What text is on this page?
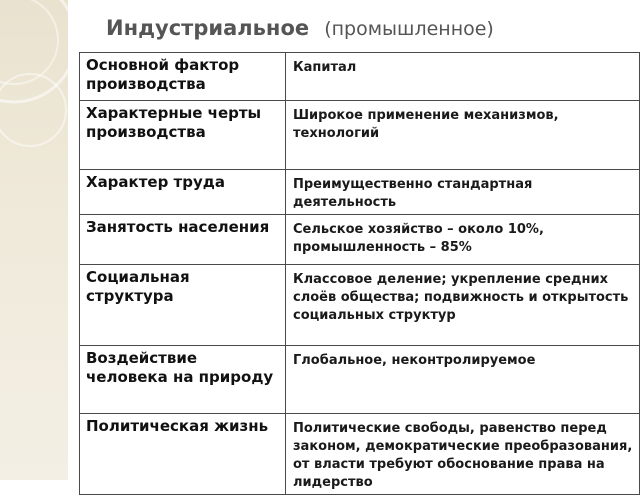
Индустриальное (промышленное)
Основной фактор производства	Капитал
Характерные черты производства	Широкое применение механизмов, технологий
Характер труда	Преимущественно стандартная деятельность
Занятость населения	Сельское хозяйство – около 10%, промышленность – 85%
Социальная структура	Классовое деление; укрепление средних слоёв общества; подвижность и открытость социальных структур
Воздействие человека на природу	Глобальное, неконтролируемое
Политическая жизнь	Политические свободы, равенство перед законом, демократические преобразования, от власти требуют обоснование права на лидерство
